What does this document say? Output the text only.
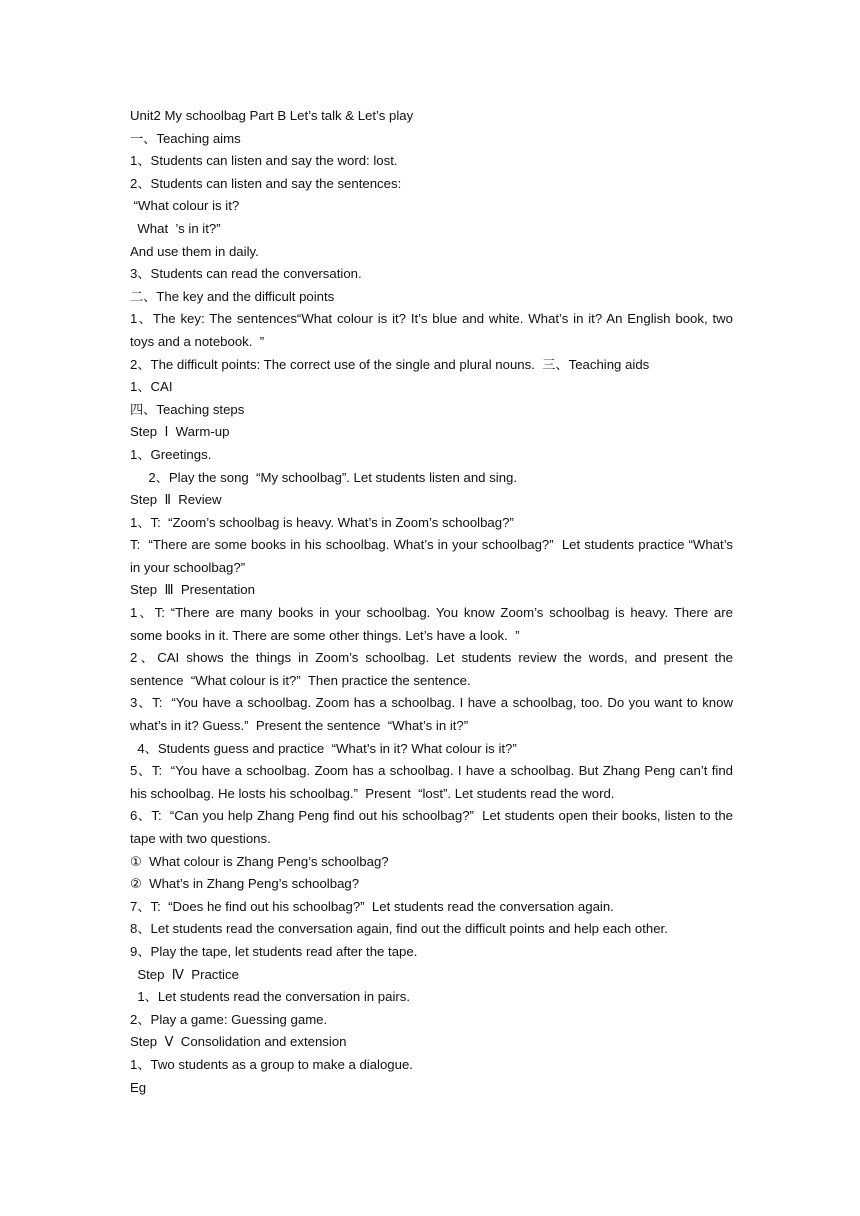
Unit2 My schoolbag Part B Let’s talk & Let’s play

一、Teaching aims

1、Students can listen and say the word: lost.

2、Students can listen and say the sentences:

“What colour is it?

What  ’s in it?”

And use them in daily.

3、Students can read the conversation.

二、The key and the difficult points

1、The key: The sentences“What colour is it? It’s blue and white. What’s in it? An English book, two toys and a notebook.  ”

2、The difficult points: The correct use of the single and plural nouns.  三、Teaching aids

1、CAI

四、Teaching steps

Step  Ⅰ  Warm-up

1、Greetings.

2、Play the song  “My schoolbag”. Let students listen and sing.

Step  Ⅱ  Review

1、T:  “Zoom’s schoolbag is heavy. What’s in Zoom’s schoolbag?”

T:  “There are some books in his schoolbag. What’s in your schoolbag?”  Let students practice “What’s in your schoolbag?”

Step  Ⅲ  Presentation

1、T: “There are many books in your schoolbag. You know Zoom’s schoolbag is heavy. There are some books in it. There are some other things. Let’s have a look.  ”

2、CAI shows the things in Zoom’s schoolbag. Let students review the words, and present the sentence  “What colour is it?”  Then practice the sentence.

3、T:  “You have a schoolbag. Zoom has a schoolbag. I have a schoolbag, too. Do you want to know what’s in it? Guess.”  Present the sentence  “What’s in it?”

4、Students guess and practice  “What’s in it? What colour is it?”

5、T:  “You have a schoolbag. Zoom has a schoolbag. I have a schoolbag. But Zhang Peng can’t find his schoolbag. He losts his schoolbag.”  Present  “lost”. Let students read the word.

6、T:  “Can you help Zhang Peng find out his schoolbag?”  Let students open their books, listen to the tape with two questions.

①  What colour is Zhang Peng’s schoolbag?

②  What’s in Zhang Peng’s schoolbag?

7、T:  “Does he find out his schoolbag?”  Let students read the conversation again.

8、Let students read the conversation again, find out the difficult points and help each other.

9、Play the tape, let students read after the tape.

Step  Ⅳ  Practice

1、Let students read the conversation in pairs.

2、Play a game: Guessing game.

Step  Ⅴ  Consolidation and extension

1、Two students as a group to make a dialogue.

Eg
